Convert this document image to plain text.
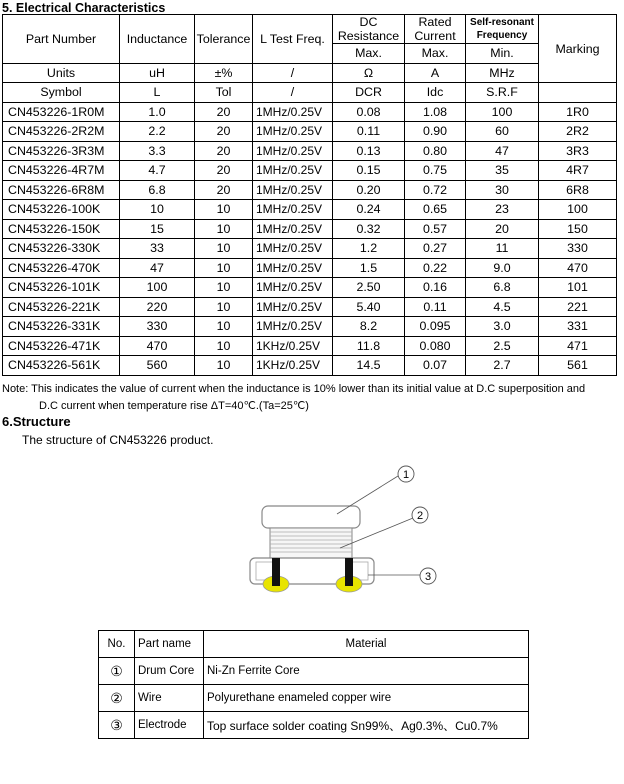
5. Electrical Characteristics
Part Number	Inductance	Tolerance	L Test Freq.	DC Resistance	Rated Current	Self-resonant Frequency	Marking
				Max.	Max.	Min.	
Units	uH	±%	/	Ω	A	MHz	
Symbol	L	Tol	/	DCR	Idc	S.R.F	
CN453226-1R0M	1.0	20	1MHz/0.25V	0.08	1.08	100	1R0
CN453226-2R2M	2.2	20	1MHz/0.25V	0.11	0.90	60	2R2
CN453226-3R3M	3.3	20	1MHz/0.25V	0.13	0.80	47	3R3
CN453226-4R7M	4.7	20	1MHz/0.25V	0.15	0.75	35	4R7
CN453226-6R8M	6.8	20	1MHz/0.25V	0.20	0.72	30	6R8
CN453226-100K	10	10	1MHz/0.25V	0.24	0.65	23	100
CN453226-150K	15	10	1MHz/0.25V	0.32	0.57	20	150
CN453226-330K	33	10	1MHz/0.25V	1.2	0.27	11	330
CN453226-470K	47	10	1MHz/0.25V	1.5	0.22	9.0	470
CN453226-101K	100	10	1MHz/0.25V	2.50	0.16	6.8	101
CN453226-221K	220	10	1MHz/0.25V	5.40	0.11	4.5	221
CN453226-331K	330	10	1MHz/0.25V	8.2	0.095	3.0	331
CN453226-471K	470	10	1KHz/0.25V	11.8	0.080	2.5	471
CN453226-561K	560	10	1KHz/0.25V	14.5	0.07	2.7	561
Note: This indicates the value of current when the inductance is 10% lower than its initial value at D.C superposition and
D.C current when temperature rise ΔT=40℃.(Ta=25℃)
6.Structure
The structure of CN453226 product.
1
2
3
No.	Part name	Material
①	Drum Core	Ni-Zn Ferrite Core
②	Wire	Polyurethane enameled copper wire
③	Electrode	Top surface solder coating Sn99%、Ag0.3%、Cu0.7%
